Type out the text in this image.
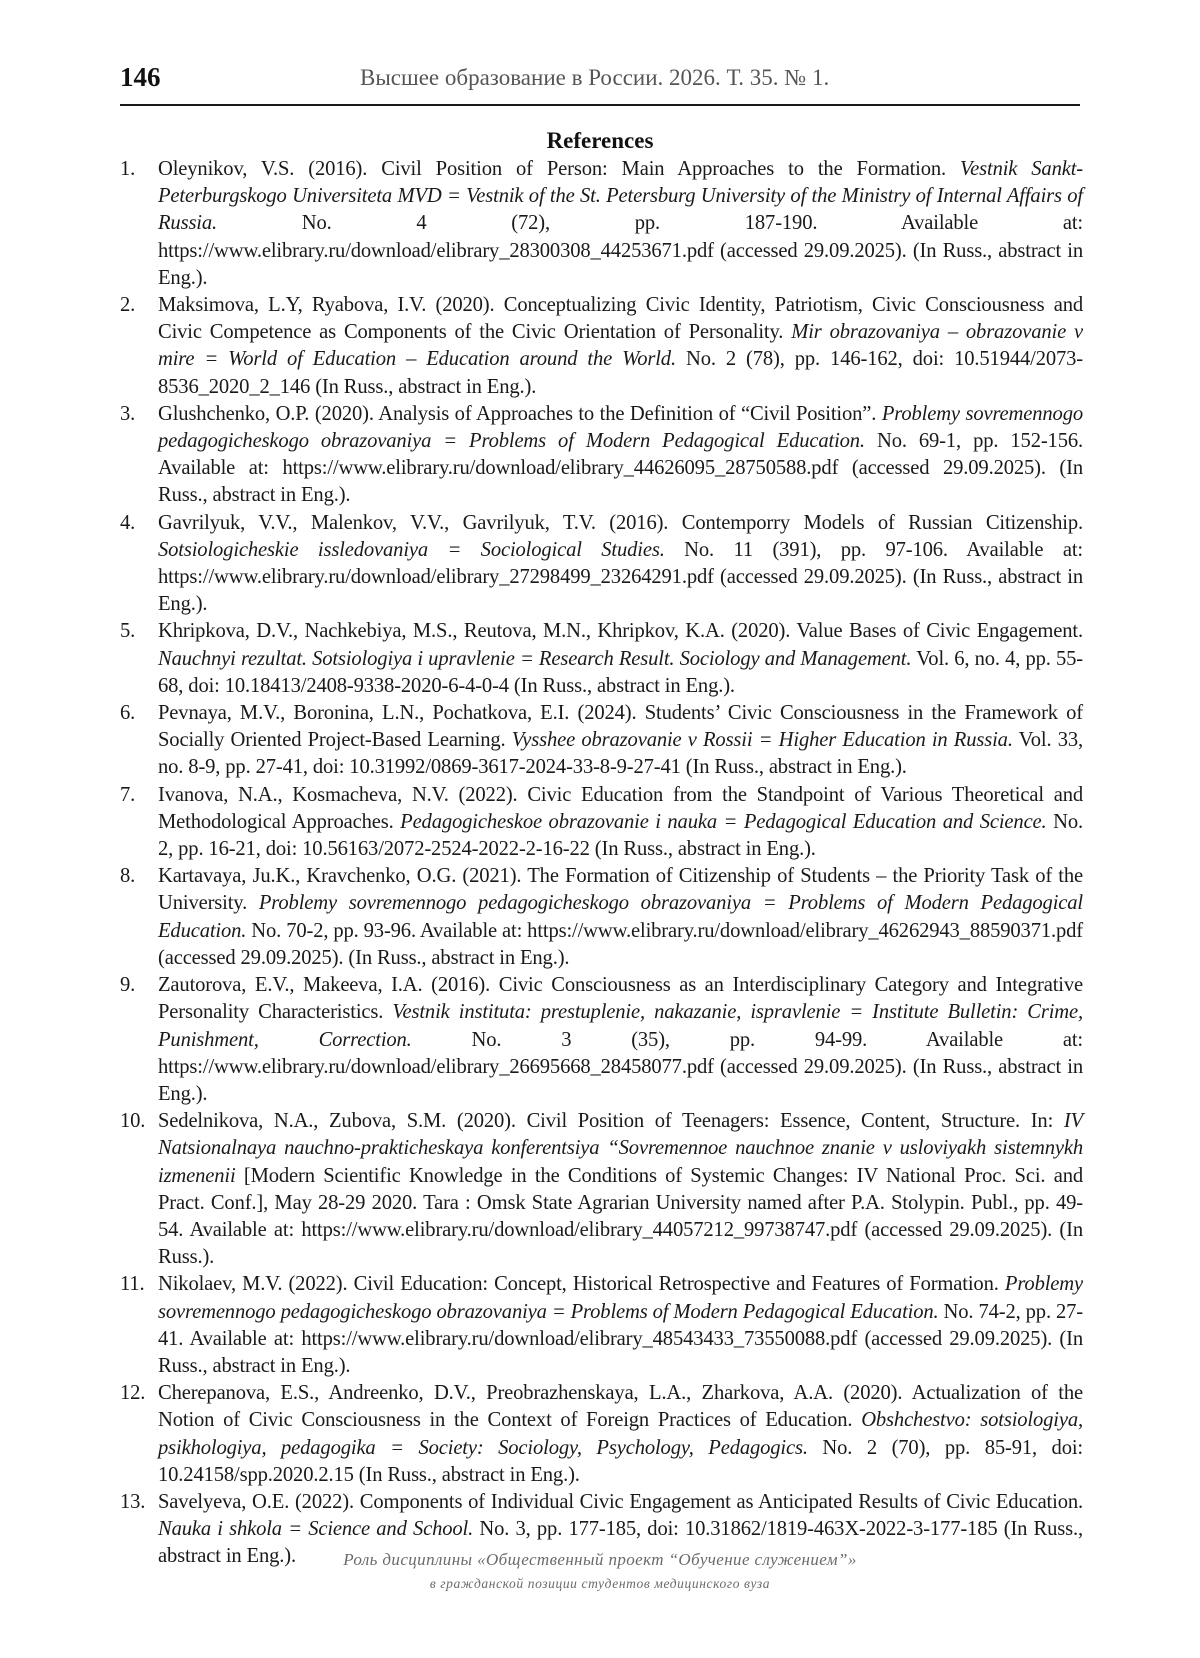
146	Высшее образование в России. 2026. Т. 35. № 1.
References
1. Oleynikov, V.S. (2016). Civil Position of Person: Main Approaches to the Formation. Vestnik Sankt-Peterburgskogo Universiteta MVD = Vestnik of the St. Petersburg University of the Ministry of Internal Affairs of Russia. No. 4 (72), pp. 187-190. Available at: https://www.elibrary.ru/download/elibrary_28300308_44253671.pdf (accessed 29.09.2025). (In Russ., abstract in Eng.).
2. Maksimova, L.Y, Ryabova, I.V. (2020). Conceptualizing Civic Identity, Patriotism, Civic Consciousness and Civic Competence as Components of the Civic Orientation of Personality. Mir obrazovaniya – obrazovanie v mire = World of Education – Education around the World. No. 2 (78), pp. 146-162, doi: 10.51944/2073-8536_2020_2_146 (In Russ., abstract in Eng.).
3. Glushchenko, O.P. (2020). Analysis of Approaches to the Definition of “Civil Position”. Problemy sovremennogo pedagogicheskogo obrazovaniya = Problems of Modern Pedagogical Education. No. 69-1, pp. 152-156. Available at: https://www.elibrary.ru/download/elibrary_44626095_28750588.pdf (accessed 29.09.2025). (In Russ., abstract in Eng.).
4. Gavrilyuk, V.V., Malenkov, V.V., Gavrilyuk, T.V. (2016). Contemporry Models of Russian Citizenship. Sotsiologicheskie issledovaniya = Sociological Studies. No. 11 (391), pp. 97-106. Available at: https://www.elibrary.ru/download/elibrary_27298499_23264291.pdf (accessed 29.09.2025). (In Russ., abstract in Eng.).
5. Khripkova, D.V., Nachkebiya, M.S., Reutova, M.N., Khripkov, K.A. (2020). Value Bases of Civic Engagement. Nauchnyi rezultat. Sotsiologiya i upravlenie = Research Result. Sociology and Management. Vol. 6, no. 4, pp. 55-68, doi: 10.18413/2408-9338-2020-6-4-0-4 (In Russ., abstract in Eng.).
6. Pevnaya, M.V., Boronina, L.N., Pochatkova, E.I. (2024). Students’ Civic Consciousness in the Framework of Socially Oriented Project-Based Learning. Vysshee obrazovanie v Rossii = Higher Education in Russia. Vol. 33, no. 8-9, pp. 27-41, doi: 10.31992/0869-3617-2024-33-8-9-27-41 (In Russ., abstract in Eng.).
7. Ivanova, N.A., Kosmacheva, N.V. (2022). Civic Education from the Standpoint of Various Theoretical and Methodological Approaches. Pedagogicheskoe obrazovanie i nauka = Pedagogical Education and Science. No. 2, pp. 16-21, doi: 10.56163/2072-2524-2022-2-16-22 (In Russ., abstract in Eng.).
8. Kartavaya, Ju.K., Kravchenko, O.G. (2021). The Formation of Citizenship of Students – the Priority Task of the University. Problemy sovremennogo pedagogicheskogo obrazovaniya = Problems of Modern Pedagogical Education. No. 70-2, pp. 93-96. Available at: https://www.elibrary.ru/download/elibrary_46262943_88590371.pdf (accessed 29.09.2025). (In Russ., abstract in Eng.).
9. Zautorova, E.V., Makeeva, I.A. (2016). Civic Consciousness as an Interdisciplinary Category and Integrative Personality Characteristics. Vestnik instituta: prestuplenie, nakazanie, ispravlenie = Institute Bulletin: Crime, Punishment, Correction. No. 3 (35), pp. 94-99. Available at: https://www.elibrary.ru/download/elibrary_26695668_28458077.pdf (accessed 29.09.2025). (In Russ., abstract in Eng.).
10. Sedelnikova, N.A., Zubova, S.M. (2020). Civil Position of Teenagers: Essence, Content, Structure. In: IV Natsionalnaya nauchno-prakticheskaya konferentsiya “Sovremennoe nauchnoe znanie v usloviyakh sistemnykh izmenenii [Modern Scientific Knowledge in the Conditions of Systemic Changes: IV National Proc. Sci. and Pract. Conf.], May 28-29 2020. Tara : Omsk State Agrarian University named after P.A. Stolypin. Publ., pp. 49-54. Available at: https://www.elibrary.ru/download/elibrary_44057212_99738747.pdf (accessed 29.09.2025). (In Russ.).
11. Nikolaev, M.V. (2022). Civil Education: Concept, Historical Retrospective and Features of Formation. Problemy sovremennogo pedagogicheskogo obrazovaniya = Problems of Modern Pedagogical Education. No. 74-2, pp. 27-41. Available at: https://www.elibrary.ru/download/elibrary_48543433_73550088.pdf (accessed 29.09.2025). (In Russ., abstract in Eng.).
12. Cherepanova, E.S., Andreenko, D.V., Preobrazhenskaya, L.A., Zharkova, A.A. (2020). Actualization of the Notion of Civic Consciousness in the Context of Foreign Practices of Education. Obshchestvo: sotsiologiya, psikhologiya, pedagogika = Society: Sociology, Psychology, Pedagogics. No. 2 (70), pp. 85-91, doi: 10.24158/spp.2020.2.15 (In Russ., abstract in Eng.).
13. Savelyeva, O.E. (2022). Components of Individual Civic Engagement as Anticipated Results of Civic Education. Nauka i shkola = Science and School. No. 3, pp. 177-185, doi: 10.31862/1819-463X-2022-3-177-185 (In Russ., abstract in Eng.).	Роль дисциплины «Общественный проект “Обучение служением”»
в гражданской позиции студентов медицинского вуза
